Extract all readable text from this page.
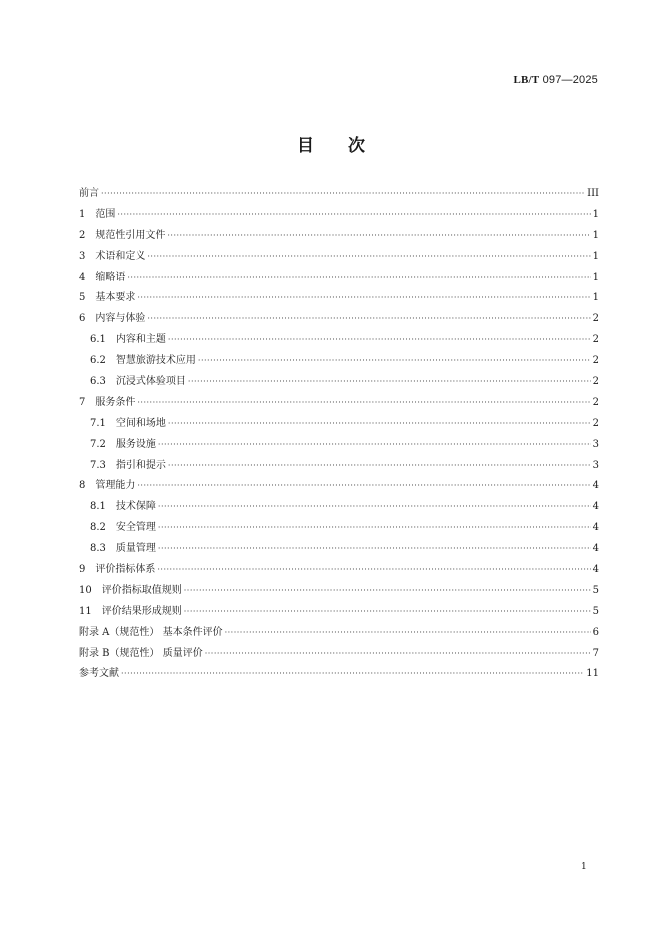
LB/T 097—2025
目　　次
前言 ·····	III
1	范围 ·····	1
2	规范性引用文件 ·····	1
3	术语和定义 ·····	1
4	缩略语 ·····	1
5	基本要求 ·····	1
6	内容与体验 ·····	2
6.1	内容和主题 ·····	2
6.2	智慧旅游技术应用 ·····	2
6.3	沉浸式体验项目 ·····	2
7	服务条件 ·····	2
7.1	空间和场地 ·····	2
7.2	服务设施 ·····	3
7.3	指引和提示 ·····	3
8	管理能力 ·····	4
8.1	技术保障 ·····	4
8.2	安全管理 ·····	4
8.3	质量管理 ·····	4
9	评价指标体系 ·····	4
10	评价指标取值规则 ·····	5
11	评价结果形成规则 ·····	5
附录 A（规范性） 基本条件评价 ·····	6
附录 B（规范性） 质量评价 ·····	7
参考文献 ·····	11
1
